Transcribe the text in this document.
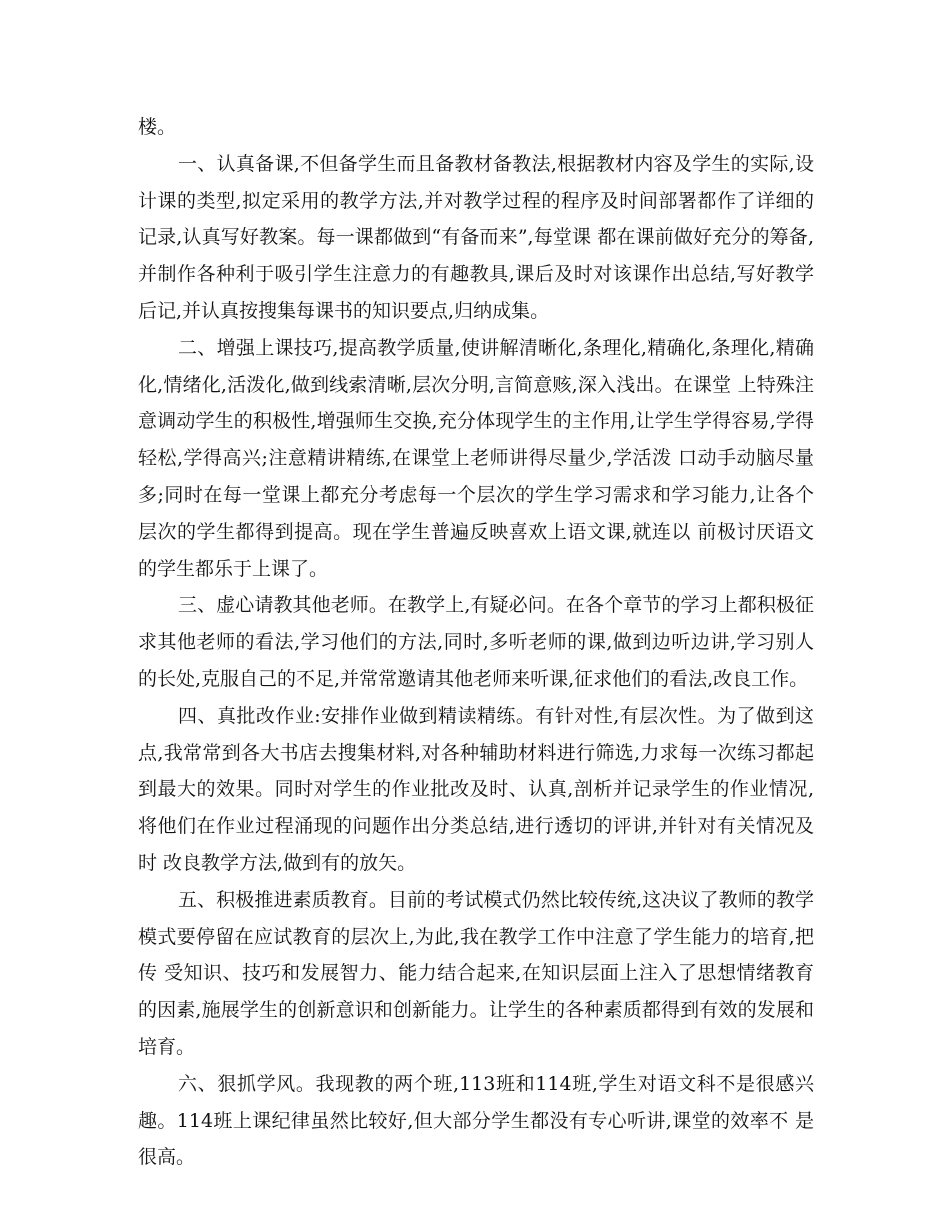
楼。

一、认真备课,不但备学生而且备教材备教法,根据教材内容及学生的实际,设计课的类型,拟定采用的教学方法,并对教学过程的程序及时间部署都作了详细的记录,认真写好教案。每一课都做到“有备而来”,每堂课 都在课前做好充分的筹备,并制作各种利于吸引学生注意力的有趣教具,课后及时对该课作出总结,写好教学后记,并认真按搜集每课书的知识要点,归纳成集。

二、增强上课技巧,提高教学质量,使讲解清晰化,条理化,精确化,条理化,精确化,情绪化,活泼化,做到线索清晰,层次分明,言简意赅,深入浅出。在课堂 上特殊注意调动学生的积极性,增强师生交换,充分体现学生的主作用,让学生学得容易,学得轻松,学得高兴;注意精讲精练,在课堂上老师讲得尽量少,学活泼 口动手动脑尽量多;同时在每一堂课上都充分考虑每一个层次的学生学习需求和学习能力,让各个层次的学生都得到提高。现在学生普遍反映喜欢上语文课,就连以 前极讨厌语文的学生都乐于上课了。

三、虚心请教其他老师。在教学上,有疑必问。在各个章节的学习上都积极征求其他老师的看法,学习他们的方法,同时,多听老师的课,做到边听边讲,学习别人的长处,克服自己的不足,并常常邀请其他老师来听课,征求他们的看法,改良工作。

四、真批改作业:安排作业做到精读精练。有针对性,有层次性。为了做到这点,我常常到各大书店去搜集材料,对各种辅助材料进行筛选,力求每一次练习都起到最大的效果。同时对学生的作业批改及时、认真,剖析并记录学生的作业情况,将他们在作业过程涌现的问题作出分类总结,进行透切的评讲,并针对有关情况及时 改良教学方法,做到有的放矢。

五、积极推进素质教育。目前的考试模式仍然比较传统,这决议了教师的教学模式要停留在应试教育的层次上,为此,我在教学工作中注意了学生能力的培育,把传 受知识、技巧和发展智力、能力结合起来,在知识层面上注入了思想情绪教育的因素,施展学生的创新意识和创新能力。让学生的各种素质都得到有效的发展和培育。

六、狠抓学风。我现教的两个班,113班和114班,学生对语文科不是很感兴趣。114班上课纪律虽然比较好,但大部分学生都没有专心听讲,课堂的效率不 是很高。
